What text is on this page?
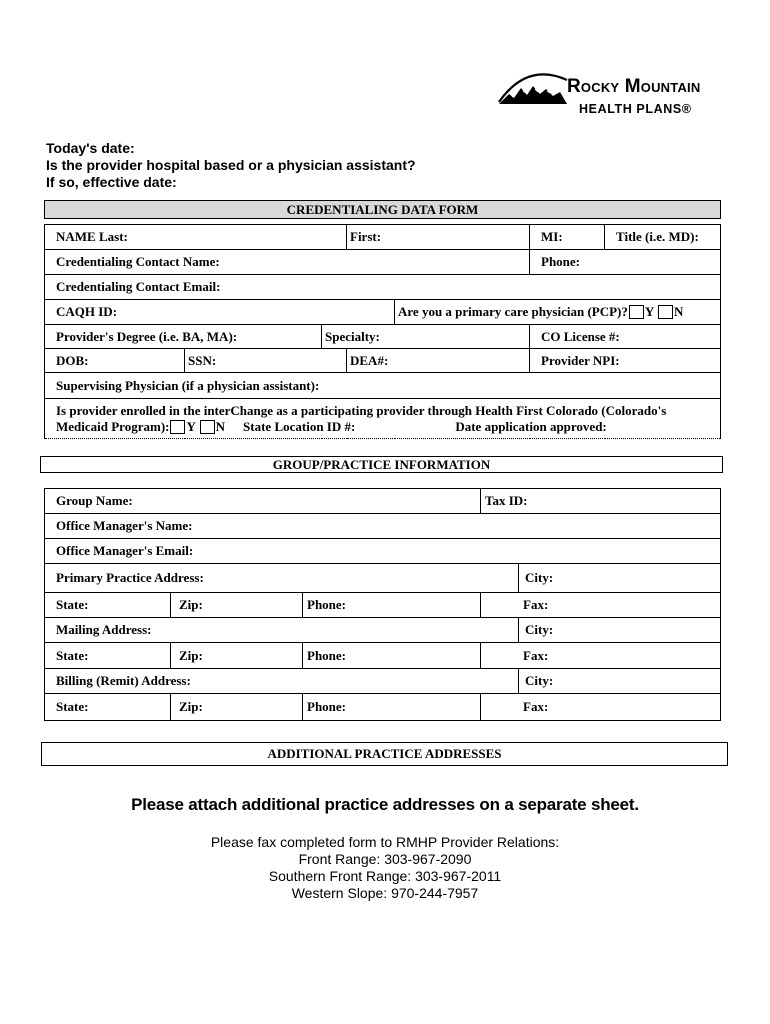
Rocky Mountain
HEALTH PLANS®
Today's date:
Is the provider hospital based or a physician assistant?
If so, effective date:
CREDENTIALING DATA FORM
NAME Last:			First:		MI:	Title (i.e. MD):
Credentialing Contact Name:					Phone:	
Credentialing Contact Email:						
CAQH ID:				Are you a primary care physician (PCP)? Y N		
Provider's Degree (i.e. BA, MA):		Specialty:			CO License #:	
DOB:	SSN:		DEA#:		Provider NPI:	
Supervising Physician (if a physician assistant):						

Is provider enrolled in the interChange as a participating provider through Health First Colorado (Colorado's
Medicaid Program): Y N State Location ID #: Date application approved:						
GROUP/PRACTICE INFORMATION
Group Name:			Tax ID:	
Office Manager's Name:				
Office Manager's Email:				
Primary Practice Address:				City:
State:	Zip:	Phone:	Fax:	
Mailing Address:				City:
State:	Zip:	Phone:	Fax:	
Billing (Remit) Address:				City:
State:	Zip:	Phone:	Fax:	
ADDITIONAL PRACTICE ADDRESSES
Please attach additional practice addresses on a separate sheet.
Please fax completed form to RMHP Provider Relations:
Front Range: 303-967-2090
Southern Front Range: 303-967-2011
Western Slope: 970-244-7957
